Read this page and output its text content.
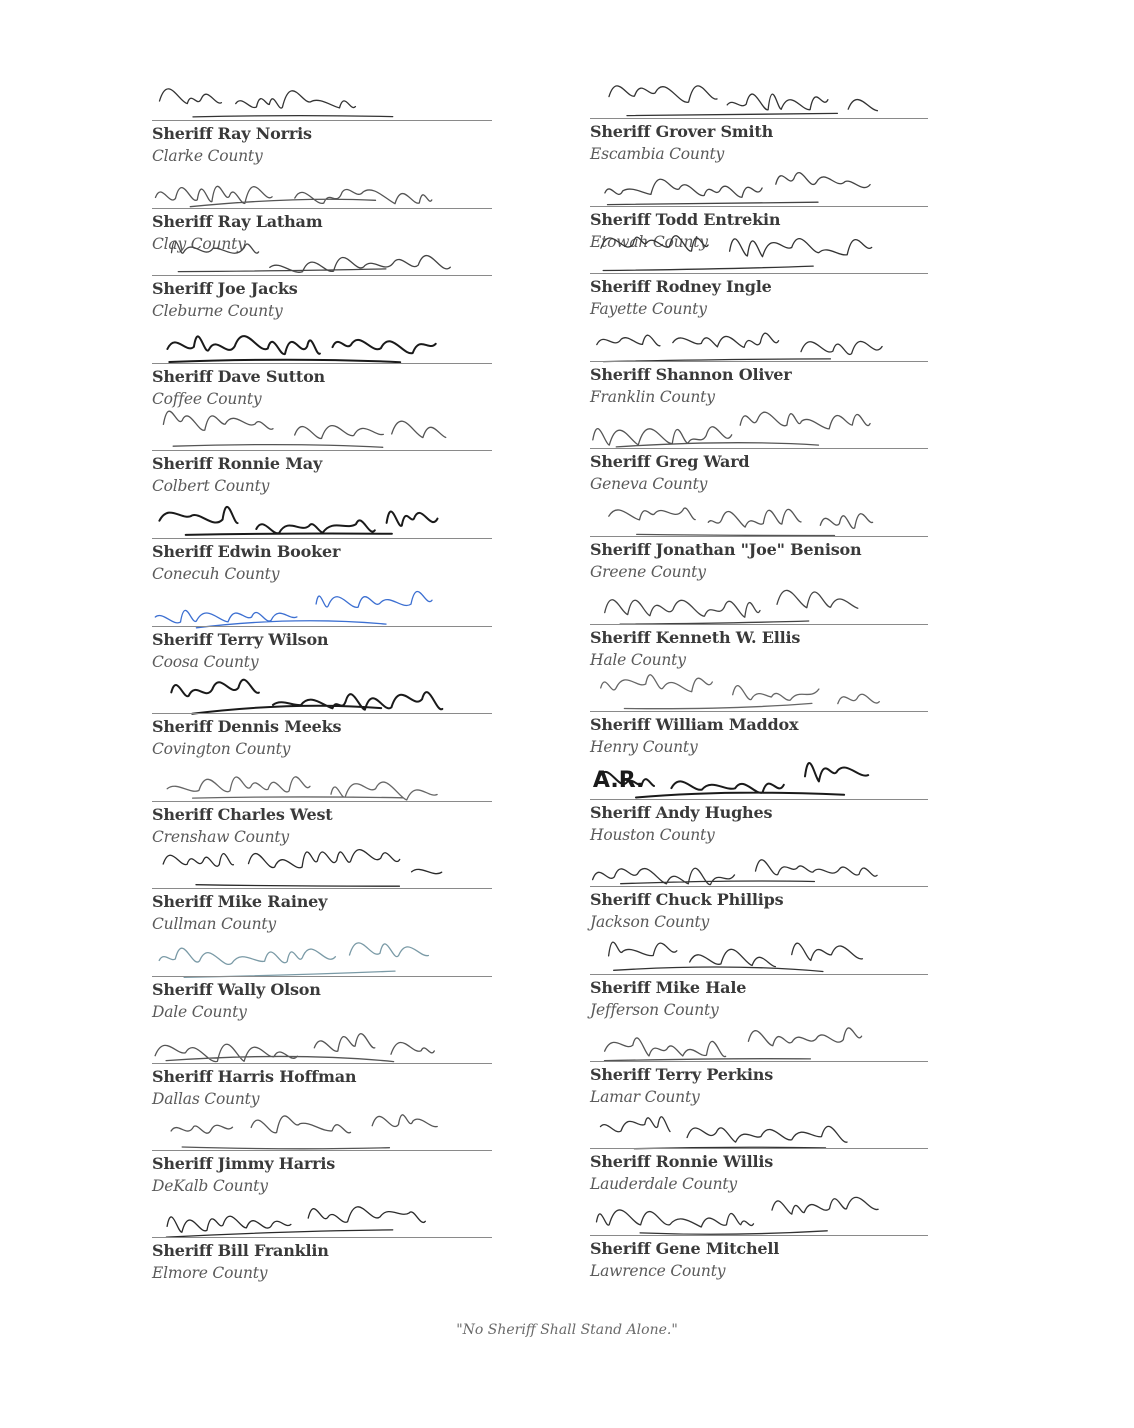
Sheriff Ray Norris
Clarke County
Sheriff Ray Latham
Clay County
Sheriff Joe Jacks
Cleburne County
Sheriff Dave Sutton
Coffee County
Sheriff Ronnie May
Colbert County
Sheriff Edwin Booker
Conecuh County
Sheriff Terry Wilson
Coosa County
Sheriff Dennis Meeks
Covington County
Sheriff Charles West
Crenshaw County
Sheriff Mike Rainey
Cullman County
Sheriff Wally Olson
Dale County
Sheriff Harris Hoffman
Dallas County
Sheriff Jimmy Harris
DeKalb County
Sheriff Bill Franklin
Elmore County
Sheriff Grover Smith
Escambia County
Sheriff Todd Entrekin
Etowah County
Sheriff Rodney Ingle
Fayette County
Sheriff Shannon Oliver
Franklin County
Sheriff Greg Ward
Geneva County
Sheriff Jonathan "Joe" Benison
Greene County
Sheriff Kenneth W. Ellis
Hale County
Sheriff William Maddox
Henry County
A.R.
Sheriff Andy Hughes
Houston County
Sheriff Chuck Phillips
Jackson County
Sheriff Mike Hale
Jefferson County
Sheriff Terry Perkins
Lamar County
Sheriff Ronnie Willis
Lauderdale County
Sheriff Gene Mitchell
Lawrence County
"No Sheriff Shall Stand Alone."
